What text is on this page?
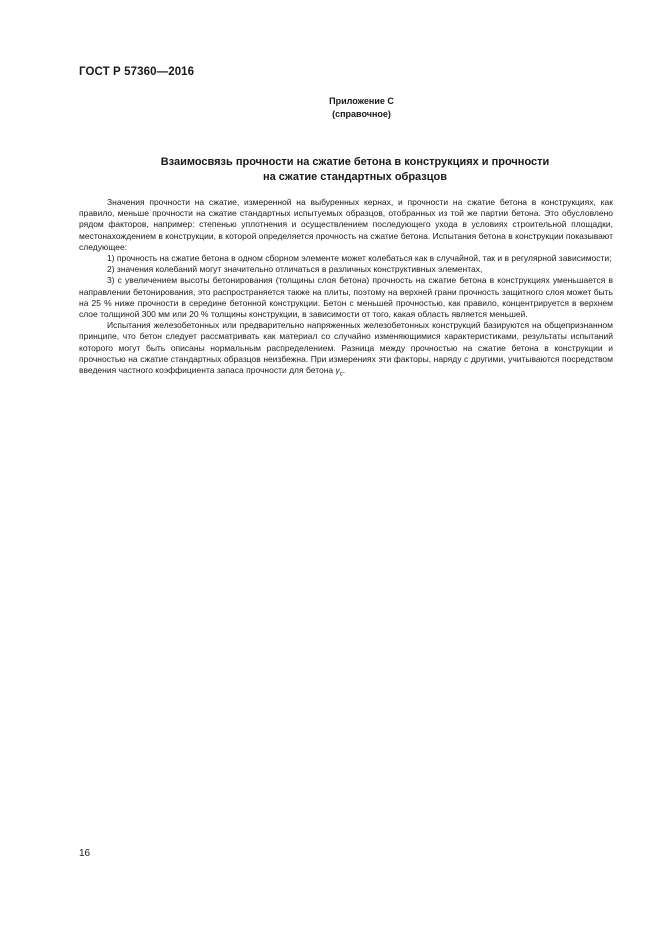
ГОСТ Р 57360—2016
Приложение С
(справочное)
Взаимосвязь прочности на сжатие бетона в конструкциях и прочности
на сжатие стандартных образцов

Значения прочности на сжатие, измеренной на выбуренных кернах, и прочности на сжатие бетона в конструкциях, как правило, меньше прочности на сжатие стандартных испытуемых образцов, отобранных из той же партии бетона. Это обусловлено рядом факторов, например: степенью уплотнения и осуществлением последующего ухода в условиях строительной площадки, местонахождением в конструкции, в которой определяется прочность на сжатие бетона. Испытания бетона в конструкции показывают следующее:

1) прочность на сжатие бетона в одном сборном элементе может колебаться как в случайной, так и в регулярной зависимости;

2) значения колебаний могут значительно отличаться в различных конструктивных элементах,

3) с увеличением высоты бетонирования (толщины слоя бетона) прочность на сжатие бетона в конструкциях уменьшается в направлении бетонирования, это распространяется также на плиты, поэтому на верхней грани прочность защитного слоя может быть на 25 % ниже прочности в середине бетонной конструкции. Бетон с меньшей прочностью, как правило, концентрируется в верхнем слое толщиной 300 мм или 20 % толщины конструкции, в зависимости от того, какая область является меньшей.

Испытания железобетонных или предварительно напряженных железобетонных конструкций базируются на общепризнанном принципе, что бетон следует рассматривать как материал со случайно изменяющимися характеристиками, результаты испытаний которого могут быть описаны нормальным распределением. Разница между прочностью на сжатие бетона в конструкции и прочностью на сжатие стандартных образцов неизбежна. При измерениях эти факторы, наряду с другими, учитываются посредством введения частного коэффициента запаса прочности для бетона $\gamma_c$.

16
